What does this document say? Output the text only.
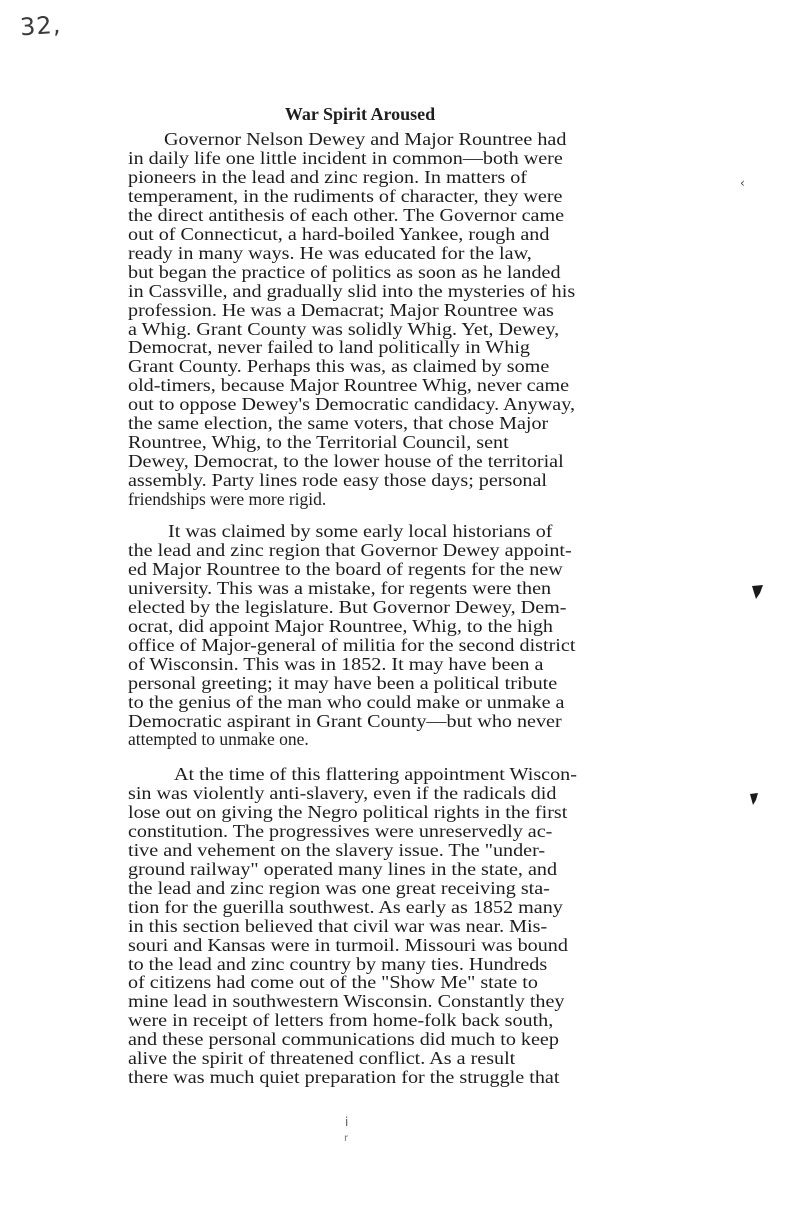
32,
War Spirit Aroused
Governor Nelson Dewey and Major Rountree had
in daily life one little incident in common—both were
pioneers in the lead and zinc region. In matters of
temperament, in the rudiments of character, they were
the direct antithesis of each other. The Governor came
out of Connecticut, a hard-boiled Yankee, rough and
ready in many ways. He was educated for the law,
but began the practice of politics as soon as he landed
in Cassville, and gradually slid into the mysteries of his
profession. He was a Demacrat; Major Rountree was
a Whig. Grant County was solidly Whig. Yet, Dewey,
Democrat, never failed to land politically in Whig
Grant County. Perhaps this was, as claimed by some
old-timers, because Major Rountree Whig, never came
out to oppose Dewey's Democratic candidacy. Anyway,
the same election, the same voters, that chose Major
Rountree, Whig, to the Territorial Council, sent
Dewey, Democrat, to the lower house of the territorial
assembly. Party lines rode easy those days; personal
friendships were more rigid.
It was claimed by some early local historians of
the lead and zinc region that Governor Dewey appoint-
ed Major Rountree to the board of regents for the new
university. This was a mistake, for regents were then
elected by the legislature. But Governor Dewey, Dem-
ocrat, did appoint Major Rountree, Whig, to the high
office of Major-general of militia for the second district
of Wisconsin. This was in 1852. It may have been a
personal greeting; it may have been a political tribute
to the genius of the man who could make or unmake a
Democratic aspirant in Grant County—but who never
attempted to unmake one.
At the time of this flattering appointment Wiscon-
sin was violently anti-slavery, even if the radicals did
lose out on giving the Negro political rights in the first
constitution. The progressives were unreservedly ac-
tive and vehement on the slavery issue. The "under-
ground railway" operated many lines in the state, and
the lead and zinc region was one great receiving sta-
tion for the guerilla southwest. As early as 1852 many
in this section believed that civil war was near. Mis-
souri and Kansas were in turmoil. Missouri was bound
to the lead and zinc country by many ties. Hundreds
of citizens had come out of the "Show Me" state to
mine lead in southwestern Wisconsin. Constantly they
were in receipt of letters from home-folk back south,
and these personal communications did much to keep
alive the spirit of threatened conflict. As a result
there was much quiet preparation for the struggle that
‹
i
r
